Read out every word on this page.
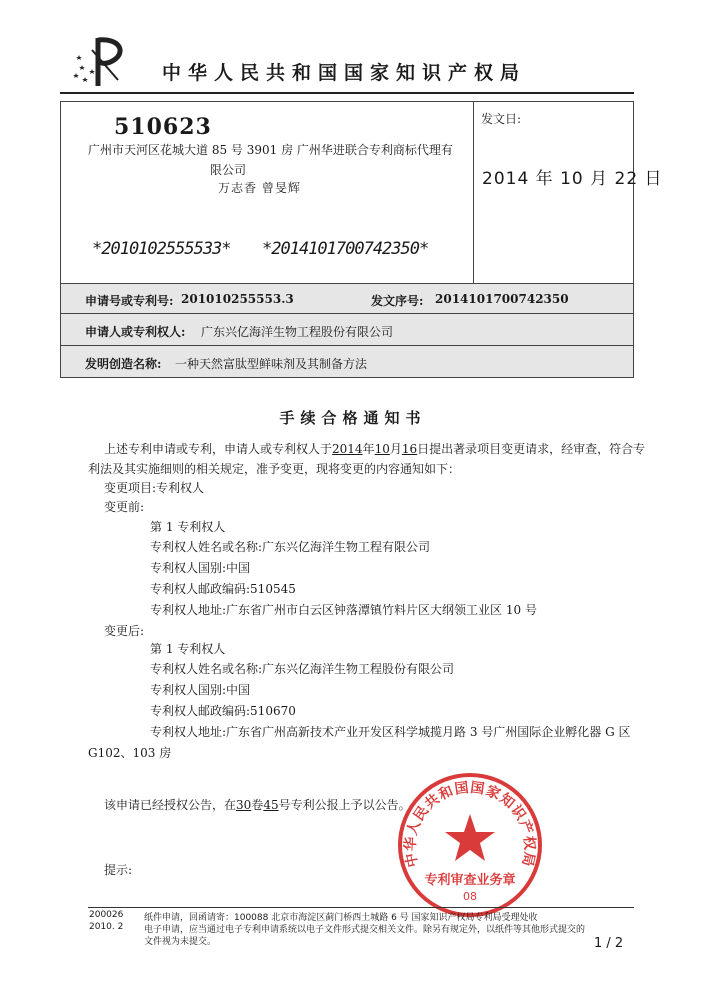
中华人民共和国国家知识产权局
510623
广州市天河区花城大道 85 号 3901 房 广州华进联合专利商标代理有
限公司
万志香 曾旻辉
*2010102555533* *2014101700742350*
发文日:
2014 年 10 月 22 日
申请号或专利号: 201010255553.3	发文序号: 2014101700742350
申请人或专利权人: 广东兴亿海洋生物工程股份有限公司
发明创造名称: 一种天然富肽型鲜味剂及其制备方法
手续合格通知书
上述专利申请或专利，申请人或专利权人于2014年10月16日提出著录项目变更请求，经审查，符合专
利法及其实施细则的相关规定，准予变更，现将变更的内容通知如下：
变更项目:专利权人
变更前:
第 1 专利权人
专利权人姓名或名称:广东兴亿海洋生物工程有限公司
专利权人国别:中国
专利权人邮政编码:510545
专利权人地址:广东省广州市白云区钟落潭镇竹料片区大纲领工业区 10 号
变更后:
第 1 专利权人
专利权人姓名或名称:广东兴亿海洋生物工程股份有限公司
专利权人国别:中国
专利权人邮政编码:510670
专利权人地址:广东省广州高新技术产业开发区科学城揽月路 3 号广州国际企业孵化器 G 区
G102、103 房
该申请已经授权公告，在30卷45号专利公报上予以公告。
提示:
中华人民共和国国家知识产权局
专利审查业务章
08
200026
2010. 2
纸件申请，回函请寄：100088 北京市海淀区蓟门桥西土城路 6 号 国家知识产权局专利局受理处收
电子申请，应当通过电子专利申请系统以电子文件形式提交相关文件。除另有规定外，以纸件等其他形式提交的
文件视为未提交。	1 / 2
